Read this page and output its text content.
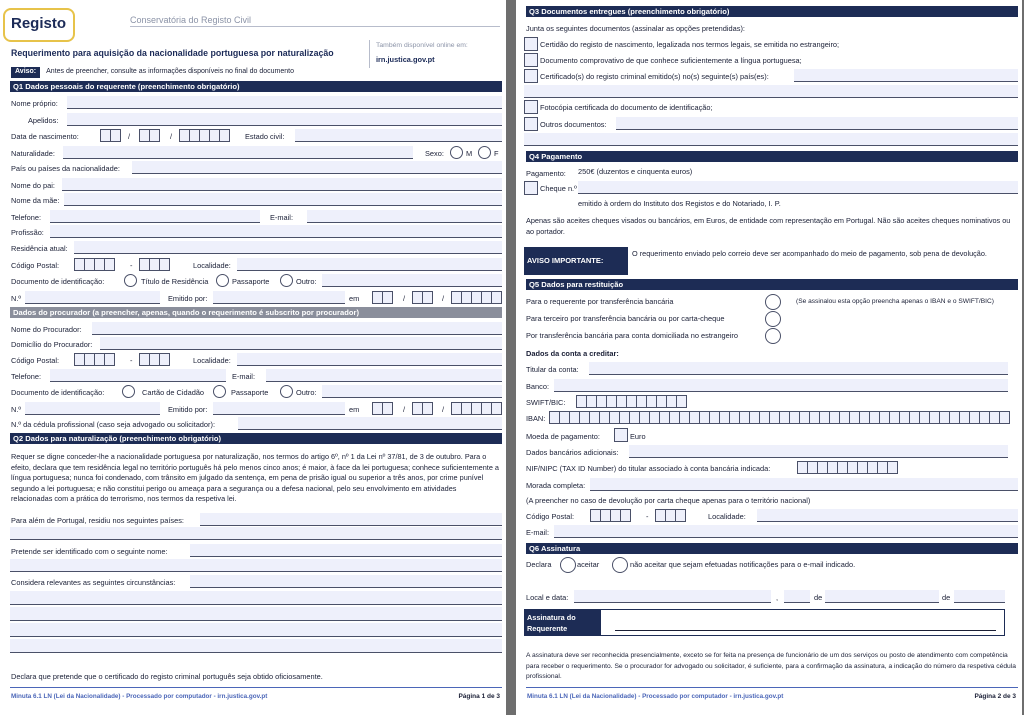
Registo	Conservatória do Registo Civil
Requerimento para aquisição da nacionalidade portuguesa por naturalização
Também disponível online em:
irn.justica.gov.pt
Aviso: Antes de preencher, consulte as informações disponíveis no final do documento
Q1 Dados pessoais do requerente (preenchimento obrigatório)
Nome próprio:
Apelidos:
Data de nascimento:	/	/	Estado civil:
Naturalidade:	Sexo:	M	F
País ou países da nacionalidade:
Nome do pai:
Nome da mãe:
Telefone:	E-mail:
Profissão:
Residência atual:
Código Postal:	-	Localidade:
Documento de identificação:	Título de Residência	Passaporte	Outro:
N.º	Emitido por:	em	/	/
Dados do procurador (a preencher, apenas, quando o requerimento é subscrito por procurador)
Nome do Procurador:
Domicílio do Procurador:
Código Postal:	-	Localidade:
Telefone:	E-mail:
Documento de identificação:	Cartão de Cidadão	Passaporte	Outro:
N.º	Emitido por:	em	/	/
N.º da cédula profissional (caso seja advogado ou solicitador):
Q2 Dados para naturalização (preenchimento obrigatório)
Requer se digne conceder-lhe a nacionalidade portuguesa por naturalização, nos termos do artigo 6º, nº 1 da Lei nº 37/81, de 3 de outubro. Para o efeito, declara que tem residência legal no território português há pelo menos cinco anos; é maior, à face da lei portuguesa; conhece suficientemente a língua portuguesa; nunca foi condenado, com trânsito em julgado da sentença, em pena de prisão igual ou superior a três anos, por crime punível segundo a lei portuguesa; e não constitui perigo ou ameaça para a segurança ou a defesa nacional, pelo seu envolvimento em atividades relacionadas com a prática do terrorismo, nos termos da respetiva lei.
Para além de Portugal, residiu nos seguintes países:
Pretende ser identificado com o seguinte nome:
Considera relevantes as seguintes circunstâncias:
Declara que pretende que o certificado do registo criminal português seja obtido oficiosamente.
Minuta 6.1 LN (Lei da Nacionalidade) - Processado por computador - irn.justica.gov.pt	Página 1 de 3
Q3 Documentos entregues (preenchimento obrigatório)
Junta os seguintes documentos (assinalar as opções pretendidas):
Certidão do registo de nascimento, legalizada nos termos legais, se emitida no estrangeiro;
Documento comprovativo de que conhece suficientemente a língua portuguesa;
Certificado(s) do registo criminal emitido(s) no(s) seguinte(s) país(es):
Fotocópia certificada do documento de identificação;
Outros documentos:
Q4 Pagamento
Pagamento: 250€ (duzentos e cinquenta euros)
Cheque n.º
emitido à ordem do Instituto dos Registos e do Notariado, I. P.
Apenas são aceites cheques visados ou bancários, em Euros, de entidade com representação em Portugal. Não são aceites cheques nominativos ou ao portador.
AVISO IMPORTANTE:
O requerimento enviado pelo correio deve ser acompanhado do meio de pagamento, sob pena de devolução.
Q5 Dados para restituição
Para o requerente por transferência bancária	(Se assinalou esta opção preencha apenas o IBAN e o SWIFT/BIC)
Para terceiro por transferência bancária ou por carta-cheque
Por transferência bancária para conta domiciliada no estrangeiro
Dados da conta a creditar:
Titular da conta:
Banco:
SWIFT/BIC:
IBAN:
Moeda de pagamento:	Euro
Dados bancários adicionais:
NIF/NIPC (TAX ID Number) do titular associado à conta bancária indicada:
Morada completa:
(A preencher no caso de devolução por carta cheque apenas para o território nacional)
Código Postal:	-	Localidade:
E-mail:
Q6 Assinatura
Declara	aceitar	não aceitar que sejam efetuadas notificações para o e-mail indicado.
Local e data:	,	de	de
Assinatura do Requerente
A assinatura deve ser reconhecida presencialmente, exceto se for feita na presença de funcionário de um dos serviços ou posto de atendimento com competência para receber o requerimento. Se o procurador for advogado ou solicitador, é suficiente, para a confirmação da assinatura, a indicação do número da respetiva cédula profissional.
Minuta 6.1 LN (Lei da Nacionalidade) - Processado por computador - irn.justica.gov.pt	Página 2 de 3
